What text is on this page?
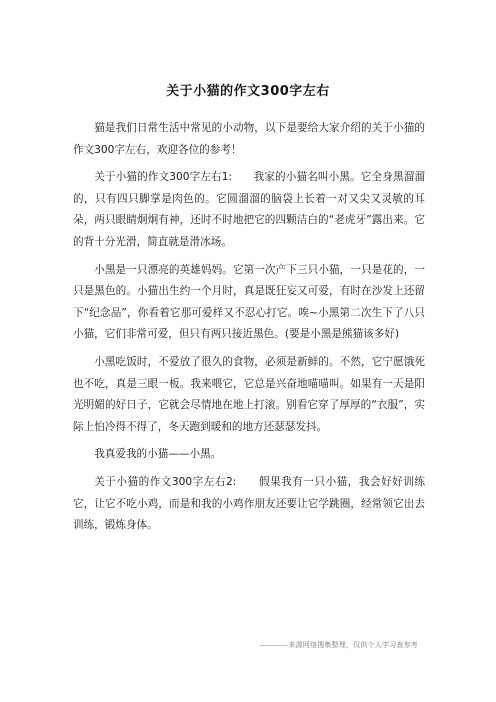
关于小猫的作文300字左右

猫是我们日常生活中常见的小动物，以下是要给大家介绍的关于小猫的作文300字左右，欢迎各位的参考！

关于小猫的作文300字左右1:　　我家的小猫名叫小黑。它全身黑溜溜的，只有四只脚掌是肉色的。它圆溜溜的脑袋上长着一对又尖又灵敏的耳朵，两只眼睛炯炯有神，还时不时地把它的四颗洁白的“老虎牙”露出来。它的背十分光滑，简直就是滑冰场。

小黑是一只漂亮的英雄妈妈。它第一次产下三只小猫，一只是花的，一只是黑色的。小猫出生约一个月时，真是既狂妄又可爱，有时在沙发上还留下“纪念品”，你看着它那可爱样又不忍心打它。唉~小黑第二次生下了八只小猫，它们非常可爱，但只有两只接近黑色。(要是小黑是熊猫该多好)

小黑吃饭时，不爱放了很久的食物，必须是新鲜的。不然，它宁愿饿死也不吃，真是三眼一板。我来喂它，它总是兴奋地喵喵叫。如果有一天是阳光明媚的好日子，它就会尽情地在地上打滚。别看它穿了厚厚的“衣服”，实际上怕冷得不得了，冬天跑到暖和的地方还瑟瑟发抖。

我真爱我的小猫——小黑。

关于小猫的作文300字左右2:　　假果我有一只小猫，我会好好训练它，让它不吃小鸡，而是和我的小鸡作朋友还要让它学跳圈，经常领它出去训练，锻炼身体。

————来源网络搜集整理，仅供个人学习查参考
